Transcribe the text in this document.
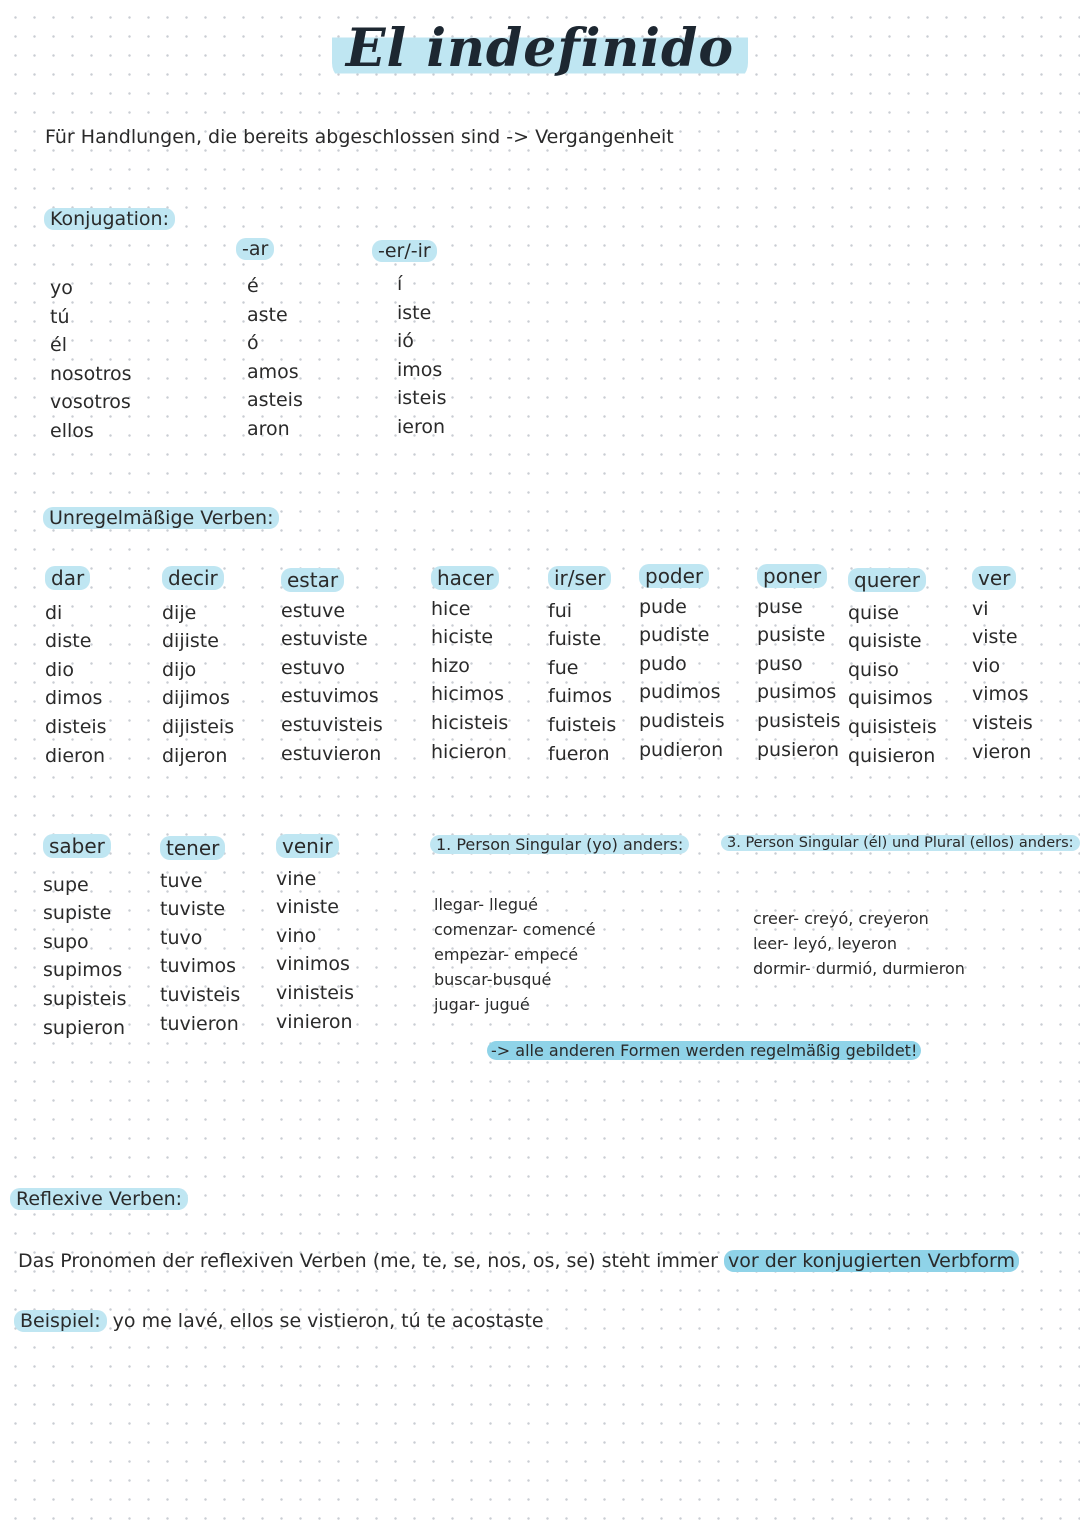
El indefinido
Für Handlungen, die bereits abgeschlossen sind -> Vergangenheit
Konjugation:
-ar	-er/-ir
yo
tú
él
nosotros
vosotros
ellos
é
aste
ó
amos
asteis
aron
í
iste
ió
imos
isteis
ieron
Unregelmäßige Verben:
dar
di
diste
dio
dimos
disteis
dieron
decir
dije
dijiste
dijo
dijimos
dijisteis
dijeron
estar
estuve
estuviste
estuvo
estuvimos
estuvisteis
estuvieron
hacer
hice
hiciste
hizo
hicimos
hicisteis
hicieron
ir/ser
fui
fuiste
fue
fuimos
fuisteis
fueron
poder
pude
pudiste
pudo
pudimos
pudisteis
pudieron
poner
puse
pusiste
puso
pusimos
pusisteis
pusieron
querer
quise
quisiste
quiso
quisimos
quisisteis
quisieron
ver
vi
viste
vio
vimos
visteis
vieron
saber
supe
supiste
supo
supimos
supisteis
supieron
tener
tuve
tuviste
tuvo
tuvimos
tuvisteis
tuvieron
venir
vine
viniste
vino
vinimos
vinisteis
vinieron
1. Person Singular (yo) anders:
llegar- llegué
comenzar- comencé
empezar- empecé
buscar-busqué
jugar- jugué
3. Person Singular (él) und Plural (ellos) anders:
creer- creyó, creyeron
leer- leyó, leyeron
dormir- durmió, durmieron
-> alle anderen Formen werden regelmäßig gebildet!
Reflexive Verben:
Das Pronomen der reflexiven Verben (me, te, se, nos, os, se) steht immer vor der konjugierten Verbform
Beispiel: yo me lavé, ellos se vistieron, tú te acostaste
